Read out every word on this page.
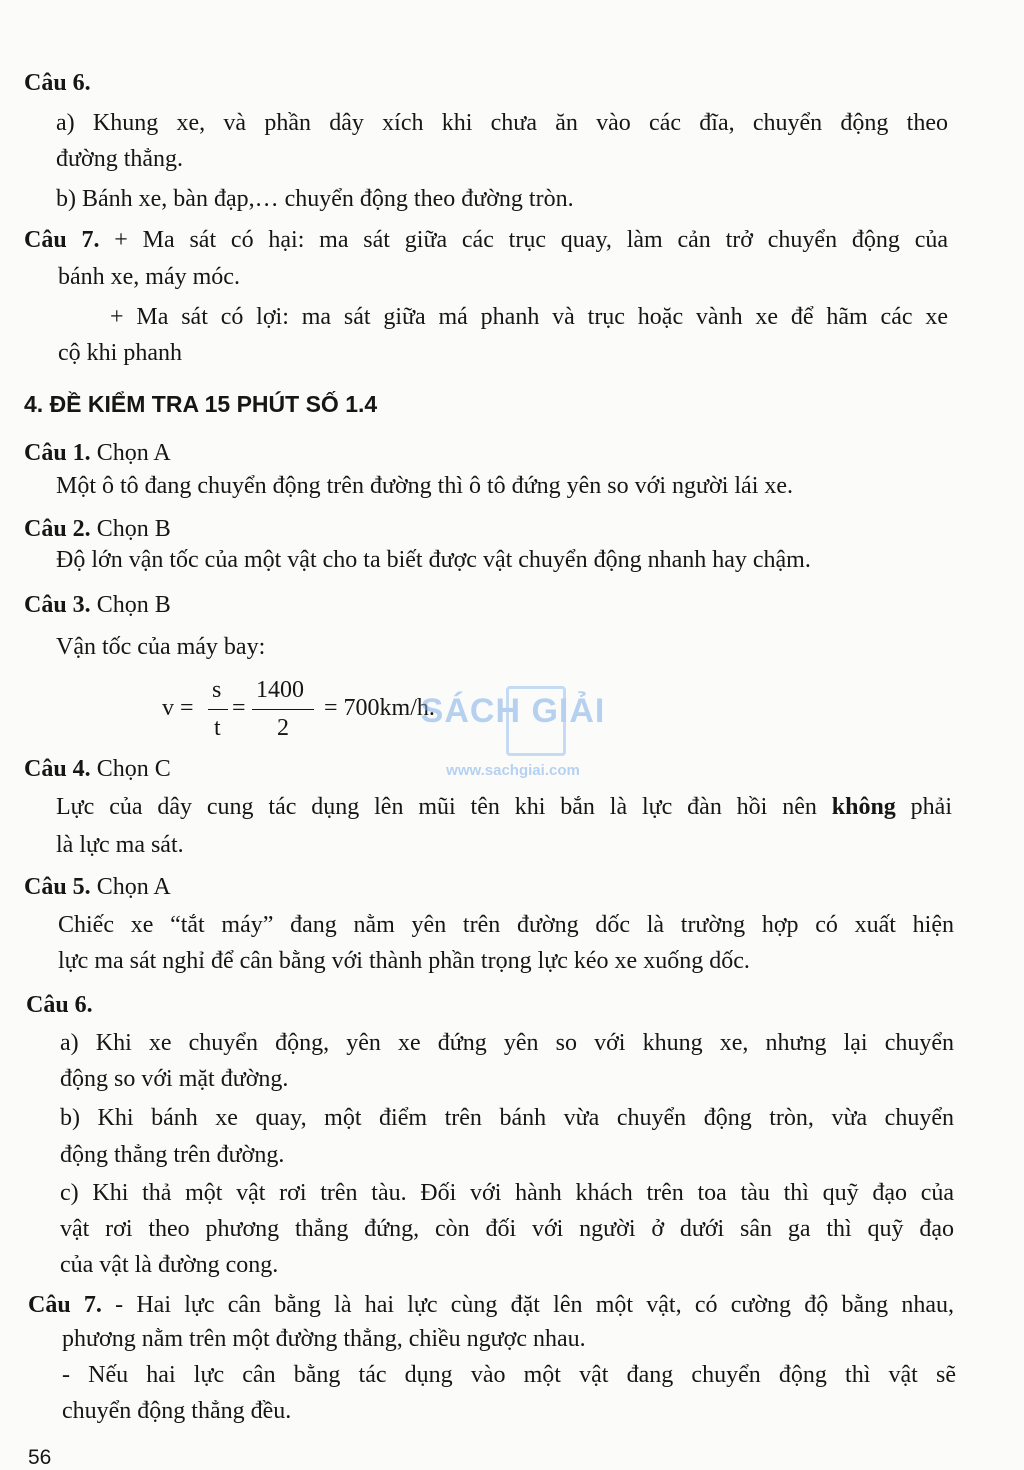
Câu 6.
a) Khung xe, và phần dây xích khi chưa ăn vào các đĩa, chuyển động theo
đường thẳng.
b) Bánh xe, bàn đạp,… chuyển động theo đường tròn.
Câu 7. + Ma sát có hại: ma sát giữa các trục quay, làm cản trở chuyển động của
bánh xe, máy móc.
+ Ma sát có lợi: ma sát giữa má phanh và trục hoặc vành xe để hãm các xe
cộ khi phanh
4. ĐỀ KIỂM TRA 15 PHÚT SỐ 1.4
Câu 1. Chọn A
Một ô tô đang chuyển động trên đường thì ô tô đứng yên so với người lái xe.
Câu 2. Chọn B
Độ lớn vận tốc của một vật cho ta biết được vật chuyển động nhanh hay chậm.
Câu 3. Chọn B
Vận tốc của máy bay:
v =
s
t
=
1400
2
= 700km/h.
SÁCH GIẢI
www.sachgiai.com
Câu 4. Chọn C
Lực của dây cung tác dụng lên mũi tên khi bắn là lực đàn hồi nên không phải
là lực ma sát.
Câu 5. Chọn A
Chiếc xe “tắt máy” đang nằm yên trên đường dốc là trường hợp có xuất hiện
lực ma sát nghỉ để cân bằng với thành phần trọng lực kéo xe xuống dốc.
Câu 6.
a) Khi xe chuyển động, yên xe đứng yên so với khung xe, nhưng lại chuyển
động so với mặt đường.
b) Khi bánh xe quay, một điểm trên bánh vừa chuyển động tròn, vừa chuyển
động thẳng trên đường.
c) Khi thả một vật rơi trên tàu. Đối với hành khách trên toa tàu thì quỹ đạo của
vật rơi theo phương thẳng đứng, còn đối với người ở dưới sân ga thì quỹ đạo
của vật là đường cong.
Câu 7. - Hai lực cân bằng là hai lực cùng đặt lên một vật, có cường độ bằng nhau,
phương nằm trên một đường thẳng, chiều ngược nhau.
- Nếu hai lực cân bằng tác dụng vào một vật đang chuyển động thì vật sẽ
chuyển động thẳng đều.
56
